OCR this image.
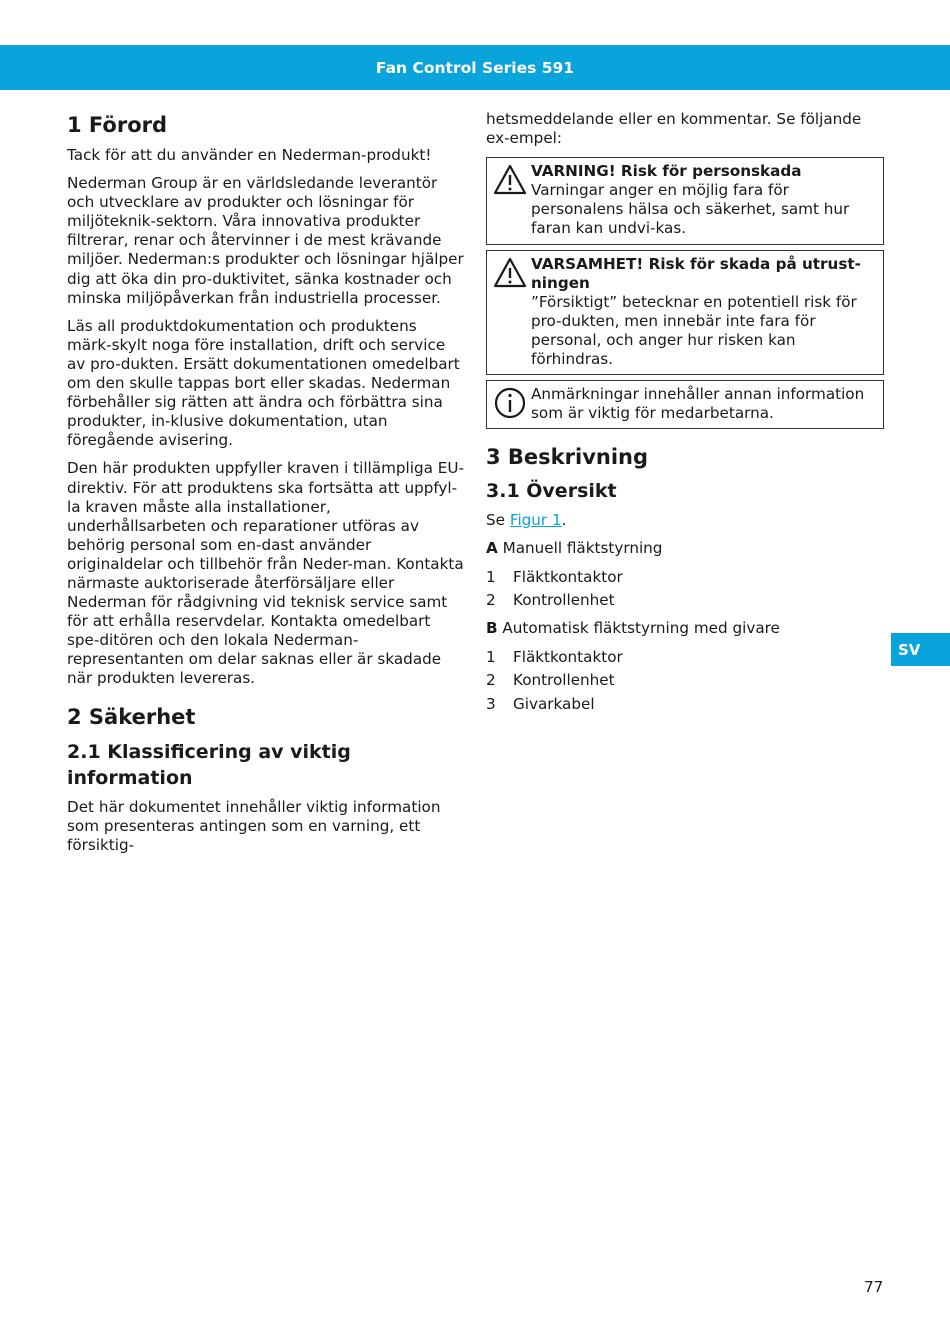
Fan Control Series 591
1 Förord

Tack för att du använder en Nederman-produkt!

Nederman Group är en världsledande leverantör och utvecklare av produkter och lösningar för miljöteknik-sektorn. Våra innovativa produkter filtrerar, renar och återvinner i de mest krävande miljöer. Nederman:s produkter och lösningar hjälper dig att öka din pro-duktivitet, sänka kostnader och minska miljöpåverkan från industriella processer.

Läs all produktdokumentation och produktens märk-skylt noga före installation, drift och service av pro-dukten. Ersätt dokumentationen omedelbart om den skulle tappas bort eller skadas. Nederman förbehåller sig rätten att ändra och förbättra sina produkter, in-klusive dokumentation, utan föregående avisering.

Den här produkten uppfyller kraven i tillämpliga EU-direktiv. För att produktens ska fortsätta att uppfyl-la kraven måste alla installationer, underhållsarbeten och reparationer utföras av behörig personal som en-dast använder originaldelar och tillbehör från Neder-man. Kontakta närmaste auktoriserade återförsäljare eller Nederman för rådgivning vid teknisk service samt för att erhålla reservdelar. Kontakta omedelbart spe-ditören och den lokala Nederman-representanten om delar saknas eller är skadade när produkten levereras.

2 Säkerhet
2.1 Klassificering av viktig information

Det här dokumentet innehåller viktig information som presenteras antingen som en varning, ett försiktig-

hetsmeddelande eller en kommentar. Se följande ex-empel:

VARNING! Risk för personskada
Varningar anger en möjlig fara för personalens hälsa och säkerhet, samt hur faran kan undvi-kas.
VARSAMHET! Risk för skada på utrust-ningen
”Försiktigt” betecknar en potentiell risk för pro-dukten, men innebär inte fara för personal, och anger hur risken kan förhindras.
Anmärkningar innehåller annan information som är viktig för medarbetarna.
3 Beskrivning
3.1 Översikt

Se Figur 1.

A Manuell fläktstyrning
1	Fläktkontaktor
2	Kontrollenhet
B Automatisk fläktstyrning med givare
1	Fläktkontaktor
2	Kontrollenhet
3	Givarkabel
SV
77
